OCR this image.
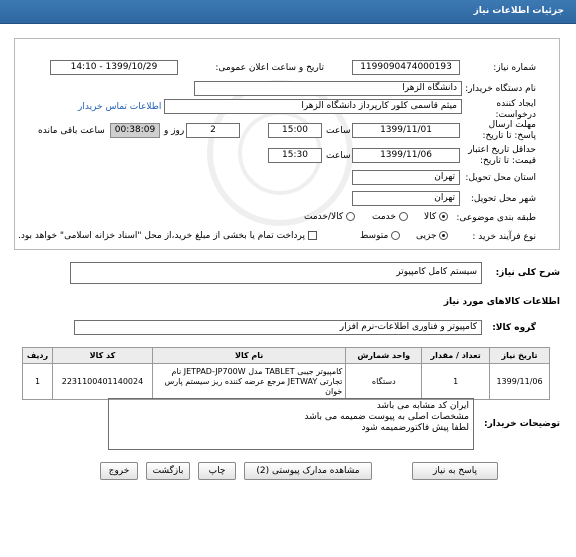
جزئیات اطلاعات نیاز
شماره نیاز:
1199090474000193
تاریخ و ساعت اعلان عمومی:
1399/10/29 - 14:10
نام دستگاه خریدار:
دانشگاه الزهرا
ایجاد کننده درخواست:
میثم قاسمی کلور کارپرداز دانشگاه الزهرا
اطلاعات تماس خریدار
مهلت ارسال پاسخ: تا تاریخ:
1399/11/01
ساعت
15:00
2
روز و
00:38:09
ساعت باقی مانده
حداقل تاریخ اعتبار قیمت: تا تاریخ:
1399/11/06
ساعت
15:30
استان محل تحویل:
تهران
شهر محل تحویل:
تهران
طبقه بندی موضوعی:
کالا
خدمت
کالا/خدمت
نوع فرآیند خرید :
جزیی
متوسط
پرداخت تمام یا بخشی از مبلغ خرید،از محل "اسناد خزانه اسلامی" خواهد بود.
شرح کلی نیاز:
سیستم کامل کامپیوتر
اطلاعات کالاهای مورد نیاز
گروه کالا:
کامپیوتر و فناوری اطلاعات-نرم افزار
تاریخ نیاز	تعداد / مقدار	واحد شمارش	نام کالا	کد کالا	ردیف
1399/11/06	1	دستگاه	کامپیوتر جیبی TABLET مدل JETPAD-JP700W نام تجارتی JETWAY مرجع عرضه کننده ریز سیستم پارس خوان	2231100401140024	1
توضیحات خریدار:
ایران کد مشابه می باشد
مشخصات اصلی به پیوست ضمیمه می باشد
لطفا پیش فاکتورضمیمه شود
پاسخ به نیاز
مشاهده مدارک پیوستی (2)
چاپ
بازگشت
خروج
